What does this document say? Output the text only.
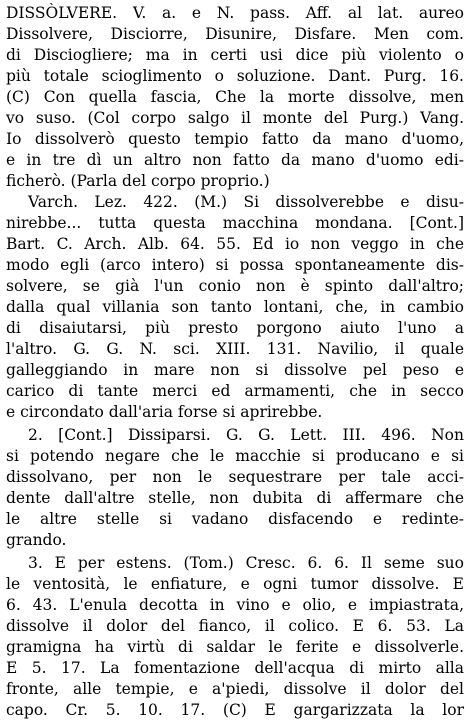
DISSÒLVERE. V. a. e N. pass. Aff. al lat. aureo
Dissolvere, Disciorre, Disunire, Disfare. Men com.
di Disciogliere; ma in certi usi dice più violento o
più totale scioglimento o soluzione. Dant. Purg. 16.
(C) Con quella fascia, Che la morte dissolve, men
vo suso. (Col corpo salgo il monte del Purg.) Vang.
Io dissolverò questo tempio fatto da mano d'uomo,
e in tre dì un altro non fatto da mano d'uomo edi-
ficherò. (Parla del corpo proprio.)
Varch. Lez. 422. (M.) Si dissolverebbe e disu-
nirebbe... tutta questa macchina mondana. [Cont.]
Bart. C. Arch. Alb. 64. 55. Ed io non veggo in che
modo egli (arco intero) si possa spontaneamente dis-
solvere, se già l'un conio non è spinto dall'altro;
dalla qual villania son tanto lontani, che, in cambio
di disaiutarsi, più presto porgono aiuto l'uno a
l'altro. G. G. N. sci. XIII. 131. Navilio, il quale
galleggiando in mare non si dissolve pel peso e
carico di tante merci ed armamenti, che in secco
e circondato dall'aria forse si aprirebbe.
2. [Cont.] Dissiparsi. G. G. Lett. III. 496. Non
si potendo negare che le macchie si producano e si
dissolvano, per non le sequestrare per tale acci-
dente dall'altre stelle, non dubita di affermare che
le altre stelle si vadano disfacendo e redinte-
grando.
3. E per estens. (Tom.) Cresc. 6. 6. Il seme suo
le ventosità, le enfiature, e ogni tumor dissolve. E
6. 43. L'enula decotta in vino e olio, e impiastrata,
dissolve il dolor del fianco, il colico. E 6. 53. La
gramigna ha virtù di saldar le ferite e dissolverle.
E 5. 17. La fomentazione dell'acqua di mirto alla
fronte, alle tempie, e a'piedi, dissolve il dolor del
capo. Cr. 5. 10. 17. (C) E gargarizzata la lor
